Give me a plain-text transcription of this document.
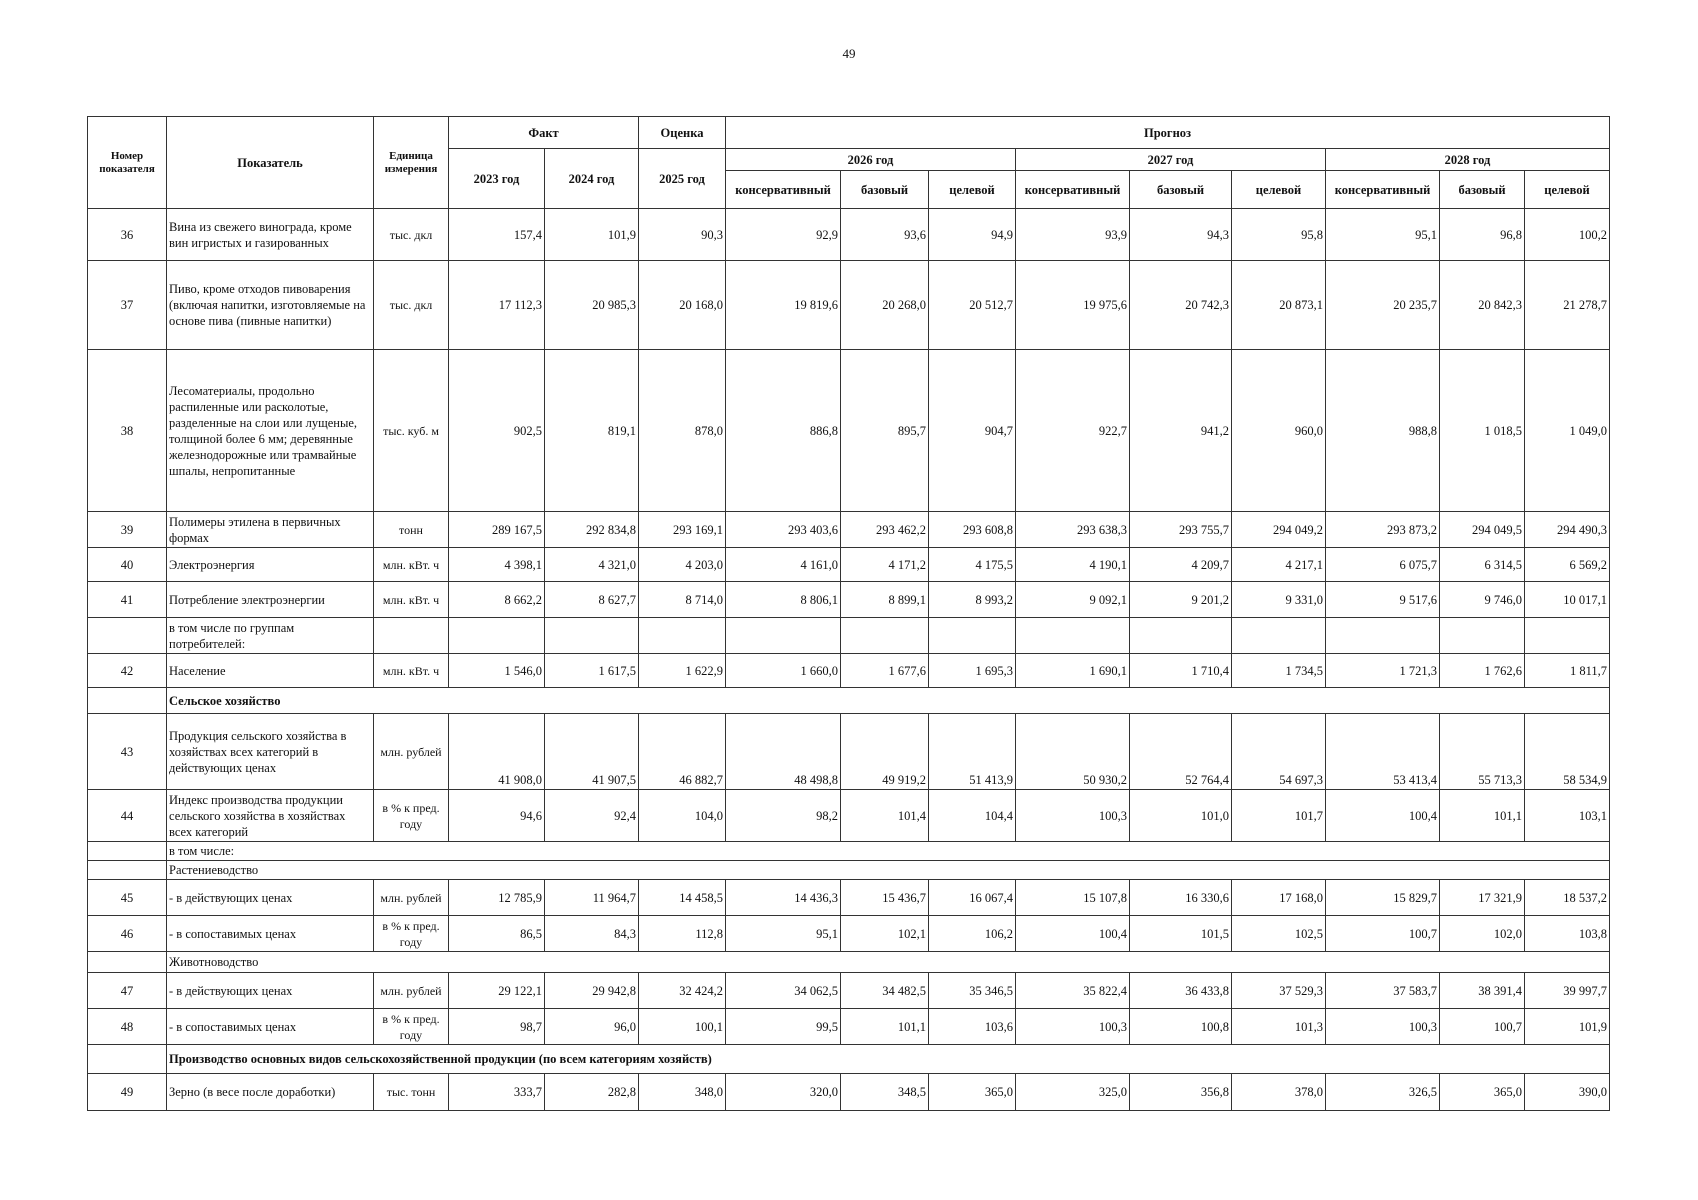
49
Номер показателя	Показатель	Единица измерения	Факт		Оценка	Прогноз								
			2023 год	2024 год	2025 год	2026 год			2027 год			2028 год		
						консервативный	базовый	целевой	консервативный	базовый	целевой	консервативный	базовый	целевой
36	Вина из свежего винограда, кроме вин игристых и газированных	тыс. дкл	157,4	101,9	90,3	92,9	93,6	94,9	93,9	94,3	95,8	95,1	96,8	100,2
37	Пиво, кроме отходов пивоварения (включая напитки, изготовляемые на основе пива (пивные напитки)	тыс. дкл	17 112,3	20 985,3	20 168,0	19 819,6	20 268,0	20 512,7	19 975,6	20 742,3	20 873,1	20 235,7	20 842,3	21 278,7
38	Лесоматериалы, продольно распиленные или расколотые, разделенные на слои или лущеные, толщиной более 6 мм; деревянные железнодорожные или трамвайные шпалы, непропитанные	тыс. куб. м	902,5	819,1	878,0	886,8	895,7	904,7	922,7	941,2	960,0	988,8	1 018,5	1 049,0
39	Полимеры этилена в первичных формах	тонн	289 167,5	292 834,8	293 169,1	293 403,6	293 462,2	293 608,8	293 638,3	293 755,7	294 049,2	293 873,2	294 049,5	294 490,3
40	Электроэнергия	млн. кВт. ч	4 398,1	4 321,0	4 203,0	4 161,0	4 171,2	4 175,5	4 190,1	4 209,7	4 217,1	6 075,7	6 314,5	6 569,2
41	Потребление электроэнергии	млн. кВт. ч	8 662,2	8 627,7	8 714,0	8 806,1	8 899,1	8 993,2	9 092,1	9 201,2	9 331,0	9 517,6	9 746,0	10 017,1
	в том числе по группам потребителей:													
42	Население	млн. кВт. ч	1 546,0	1 617,5	1 622,9	1 660,0	1 677,6	1 695,3	1 690,1	1 710,4	1 734,5	1 721,3	1 762,6	1 811,7
	Сельское хозяйство													
43	Продукция сельского хозяйства в хозяйствах всех категорий в действующих ценах	млн. рублей	41 908,0	41 907,5	46 882,7	48 498,8	49 919,2	51 413,9	50 930,2	52 764,4	54 697,3	53 413,4	55 713,3	58 534,9
44	Индекс производства продукции сельского хозяйства в хозяйствах всех категорий	в % к пред. году	94,6	92,4	104,0	98,2	101,4	104,4	100,3	101,0	101,7	100,4	101,1	103,1
	в том числе:													
	Растениеводство													
45	- в действующих ценах	млн. рублей	12 785,9	11 964,7	14 458,5	14 436,3	15 436,7	16 067,4	15 107,8	16 330,6	17 168,0	15 829,7	17 321,9	18 537,2
46	- в сопоставимых ценах	в % к пред. году	86,5	84,3	112,8	95,1	102,1	106,2	100,4	101,5	102,5	100,7	102,0	103,8
	Животноводство													
47	- в действующих ценах	млн. рублей	29 122,1	29 942,8	32 424,2	34 062,5	34 482,5	35 346,5	35 822,4	36 433,8	37 529,3	37 583,7	38 391,4	39 997,7
48	- в сопоставимых ценах	в % к пред. году	98,7	96,0	100,1	99,5	101,1	103,6	100,3	100,8	101,3	100,3	100,7	101,9
	Производство основных видов сельскохозяйственной продукции (по всем категориям хозяйств)													
49	Зерно (в весе после доработки)	тыс. тонн	333,7	282,8	348,0	320,0	348,5	365,0	325,0	356,8	378,0	326,5	365,0	390,0
